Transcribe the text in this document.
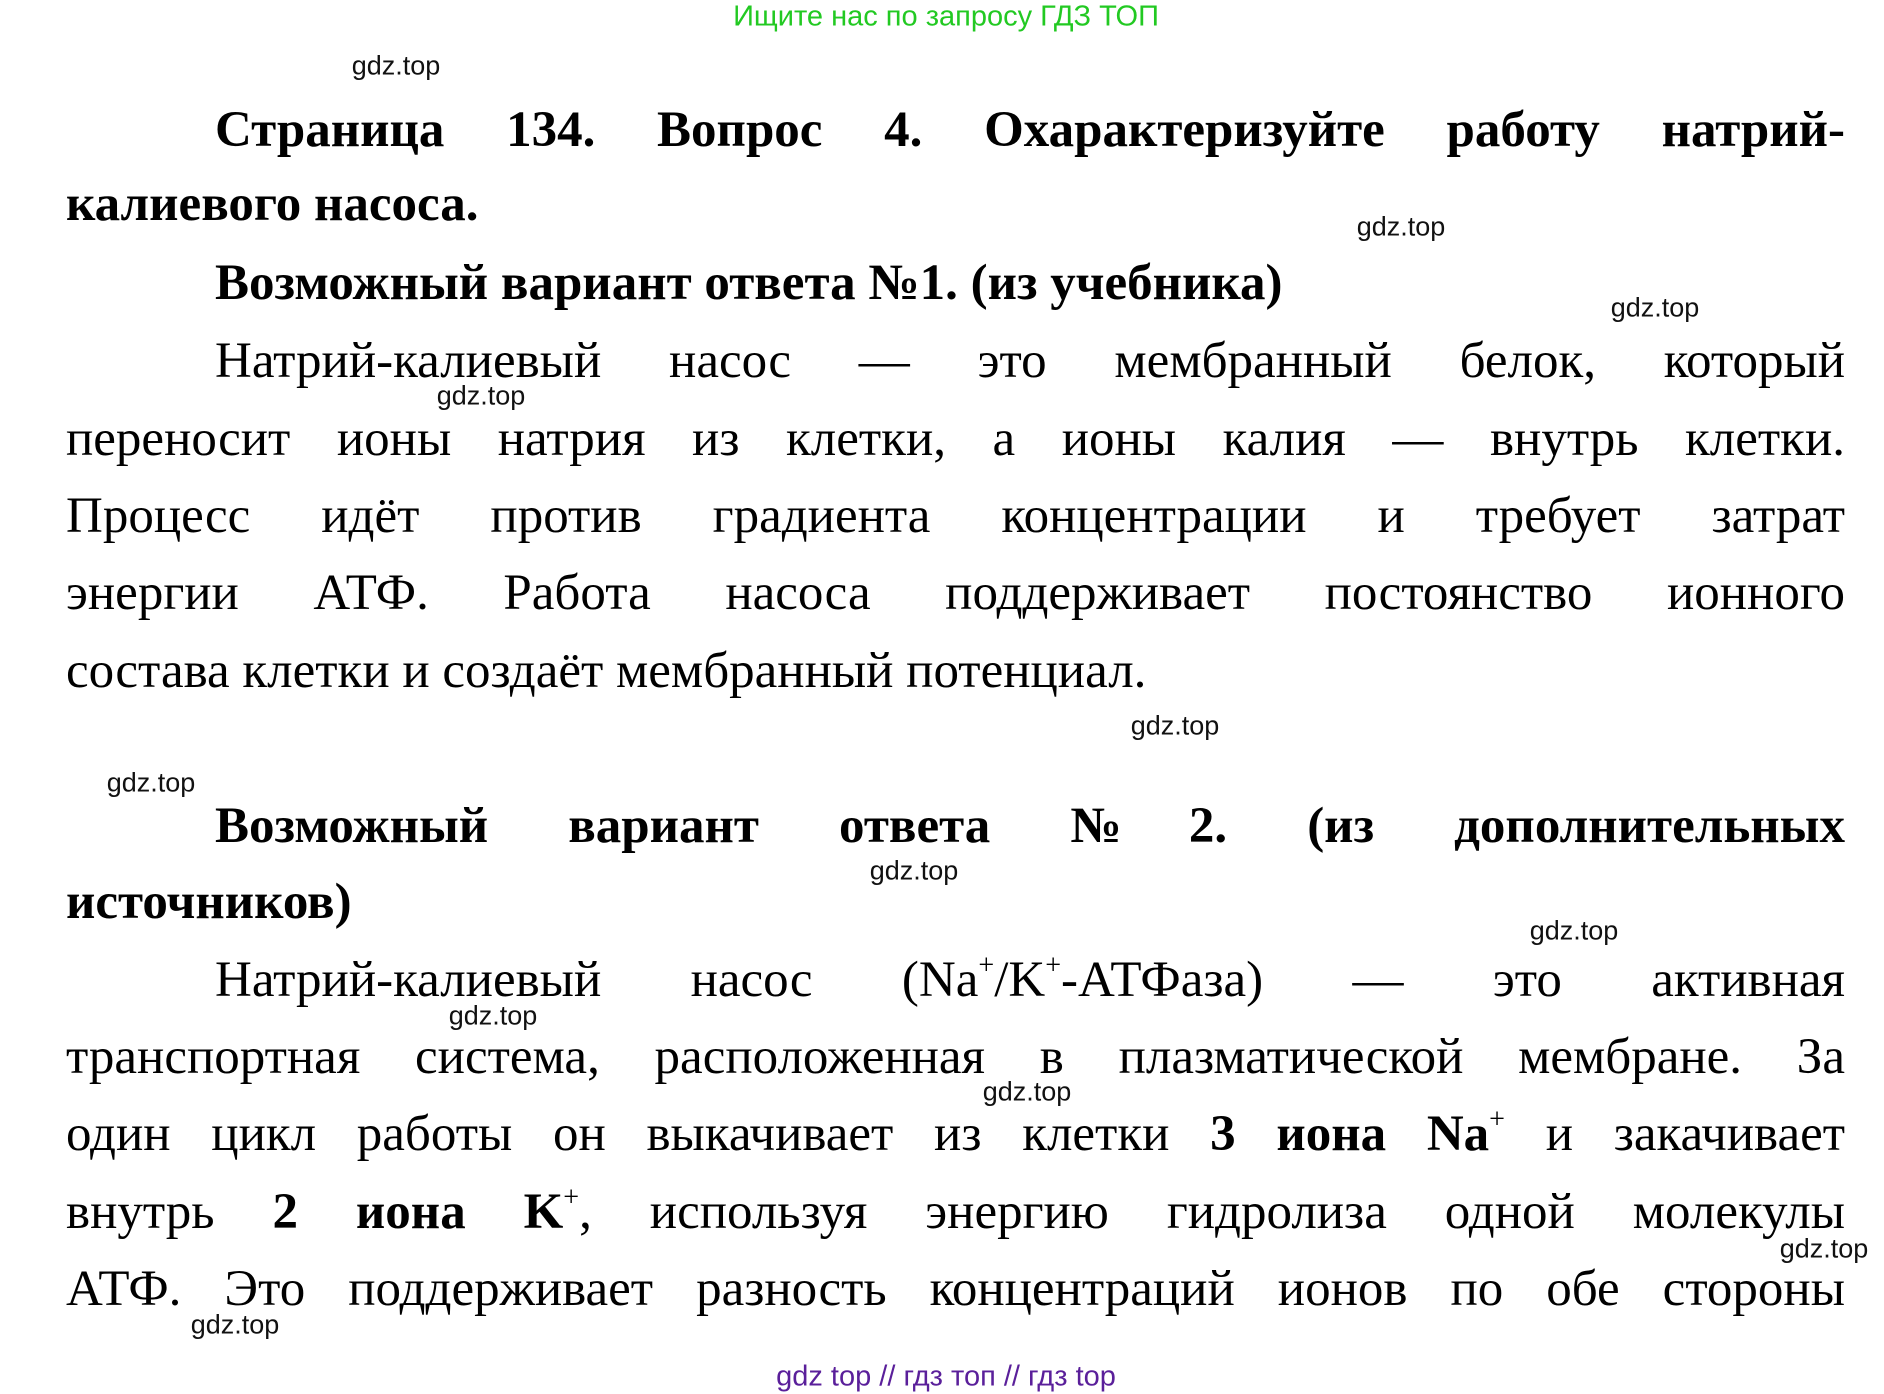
Ищите нас по запросу ГДЗ ТОП
Страница 134. Вопрос 4. Охарактеризуйте работу натрий-
калиевого насоса.
Возможный вариант ответа №1. (из учебника)
Натрий-калиевый насос — это мембранный белок, который
переносит ионы натрия из клетки, а ионы калия — внутрь клетки.
Процесс идёт против градиента концентрации и требует затрат
энергии АТФ. Работа насоса поддерживает постоянство ионного
состава клетки и создаёт мембранный потенциал.
Возможный вариант ответа №2. (из дополнительных
источников)
Натрий-калиевый насос (Na+/K+-АТФаза) — это активная
транспортная система, расположенная в плазматической мембране. За
один цикл работы он выкачивает из клетки 3 иона Na+ и закачивает
внутрь 2 иона K+, используя энергию гидролиза одной молекулы
АТФ. Это поддерживает разность концентраций ионов по обе стороны
gdz.top
gdz.top
gdz.top
gdz.top
gdz.top
gdz.top
gdz.top
gdz.top
gdz.top
gdz.top
gdz.top
gdz.top
gdz top // гдз топ // гдз top
